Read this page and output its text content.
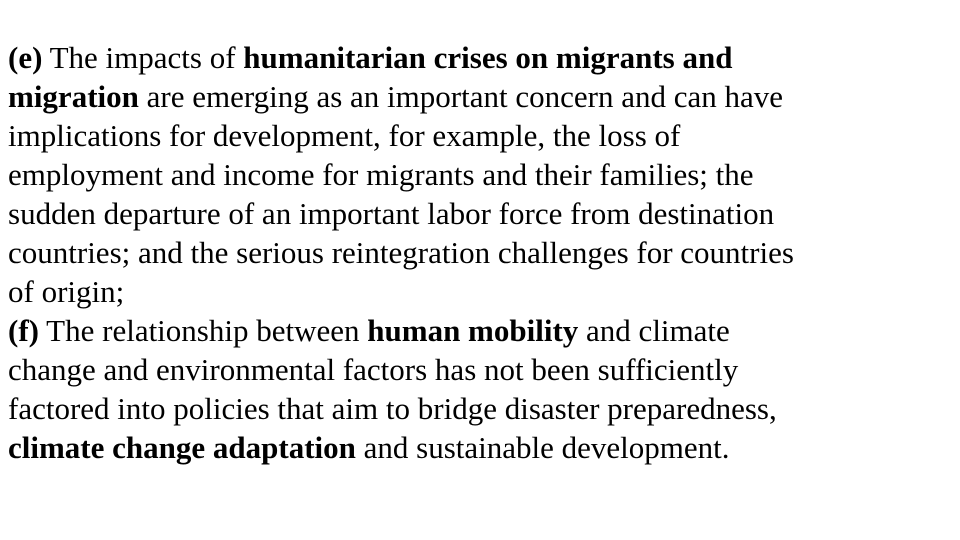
(e) The impacts of humanitarian crises on migrants and
migration are emerging as an important concern and can have
implications for development, for example, the loss of
employment and income for migrants and their families; the
sudden departure of an important labor force from destination
countries; and the serious reintegration challenges for countries
of origin;
(f) The relationship between human mobility and climate
change and environmental factors has not been sufficiently
factored into policies that aim to bridge disaster preparedness,
climate change adaptation and sustainable development.
